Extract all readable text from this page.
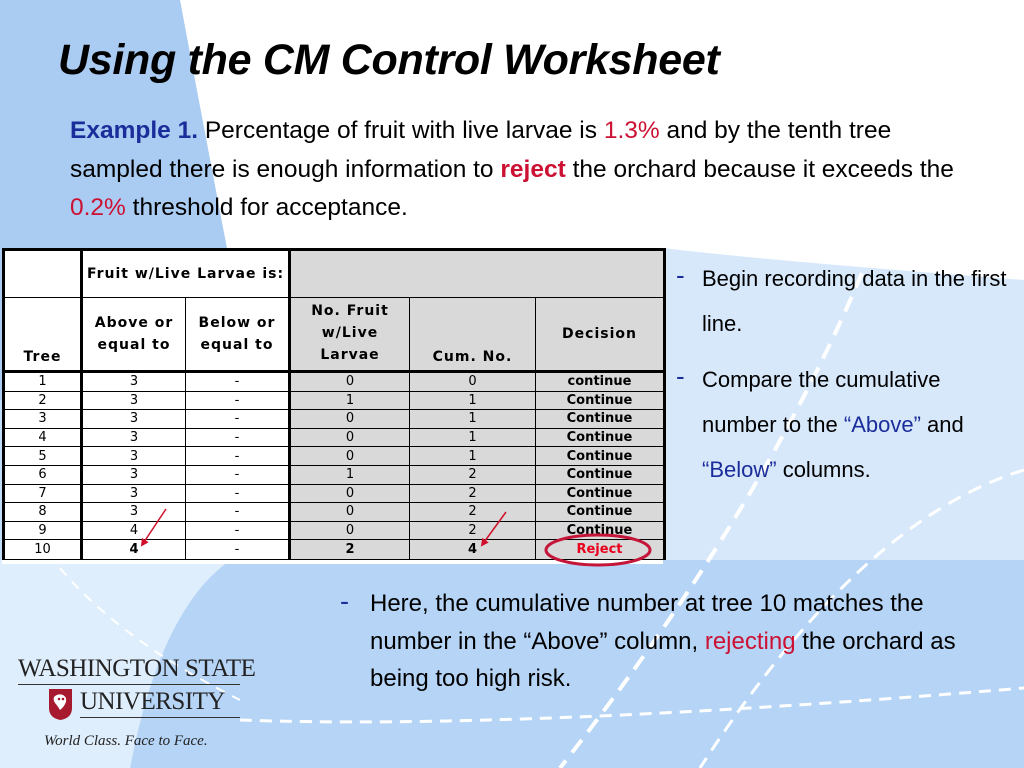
Using the CM Control Worksheet

Example 1. Percentage of fruit with live larvae is 1.3% and by the tenth tree sampled there is enough information to reject the orchard because it exceeds the 0.2% threshold for acceptance.

	Fruit w/Live Larvae is:				
Tree	Above or equal to	Below or equal to	No. Fruit w/Live Larvae	Cum. No.	Decision
1	3	-	0	0	continue
2	3	-	1	1	Continue
3	3	-	0	1	Continue
4	3	-	0	1	Continue
5	3	-	0	1	Continue
6	3	-	1	2	Continue
7	3	-	0	2	Continue
8	3	-	0	2	Continue
9	4	-	0	2	Continue
10	4	-	2	4	Reject
- Begin recording data in the first line.
- Compare the cumulative number to the “Above” and “Below” columns.
- Here, the cumulative number at tree 10 matches the number in the “Above” column, rejecting the orchard as being too high risk.
WASHINGTON STATE
UNIVERSITY
World Class. Face to Face.
